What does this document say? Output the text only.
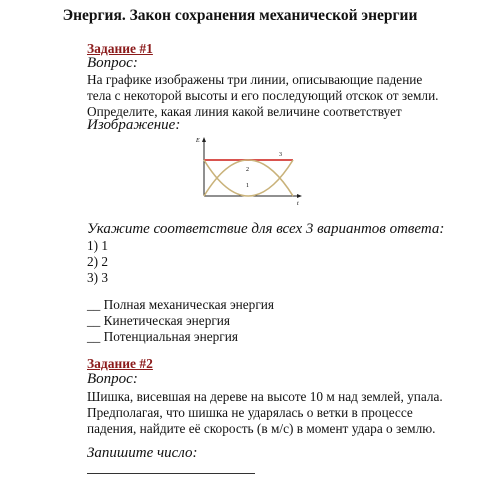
Энергия. Закон сохранения механической энергии
Задание #1
Вопрос:
На графике изображены три линии, описывающие падение
тела с некоторой высоты и его последующий отскок от земли.
Определите, какая линия какой величине соответствует
Изображение:
E
t
3
2
1
Укажите соответствие для всех 3 вариантов ответа:
1) 1
2) 2
3) 3
__ Полная механическая энергия
__ Кинетическая энергия
__ Потенциальная энергия
Задание #2
Вопрос:
Шишка, висевшая на дереве на высоте 10 м над землей, упала.
Предполагая, что шишка не ударялась о ветки в процессе
падения, найдите её скорость (в м/с) в момент удара о землю.
Запишите число:
